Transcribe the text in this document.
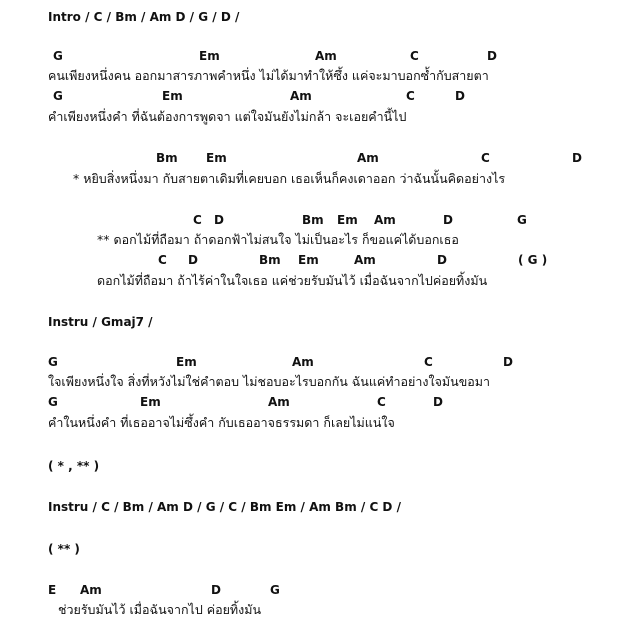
Intro / C / Bm / Am D / G / D /
G	Em	Am	C	D
คนเพียงหนึ่งคน ออกมาสารภาพคำหนึ่ง ไม่ได้มาทำให้ซึ้ง แค่จะมาบอกซ้ำกับสายตา
G	Em	Am	C	D
คำเพียงหนึ่งคำ ที่ฉันต้องการพูดจา แต่ใจมันยังไม่กล้า จะเอยคำนี้ไป
Bm Em	Am	C	D
* หยิบสิ่งหนึ่งมา กับสายตาเดิมที่เคยบอก เธอเห็นก็คงเดาออก ว่าฉันนั้นคิดอย่างไร
C D	Bm Em Am	D	G
** ดอกไม้ที่ถือมา ถ้าดอกฟ้าไม่สนใจ ไม่เป็นอะไร ก็ขอแค่ได้บอกเธอ
C D	Bm Em	Am	D	( G )
ดอกไม้ที่ถือมา ถ้าไร้ค่าในใจเธอ แค่ช่วยรับมันไว้ เมื่อฉันจากไปค่อยทิ้งมัน
Instru / Gmaj7 /
G	Em	Am	C	D
ใจเพียงหนึ่งใจ สิ่งที่หวังไม่ใช่คำตอบ ไม่ชอบอะไรบอกกัน ฉันแค่ทำอย่างใจมันขอมา
G	Em	Am	C	D
คำในหนึ่งคำ ที่เธออาจไม่ซึ้งคำ กับเธออาจธรรมดา ก็เลยไม่แน่ใจ
( * , ** )
Instru / C / Bm / Am D / G / C / Bm Em / Am Bm / C D /
( ** )
E Am	D	G
ช่วยรับมันไว้ เมื่อฉันจากไป ค่อยทิ้งมัน
